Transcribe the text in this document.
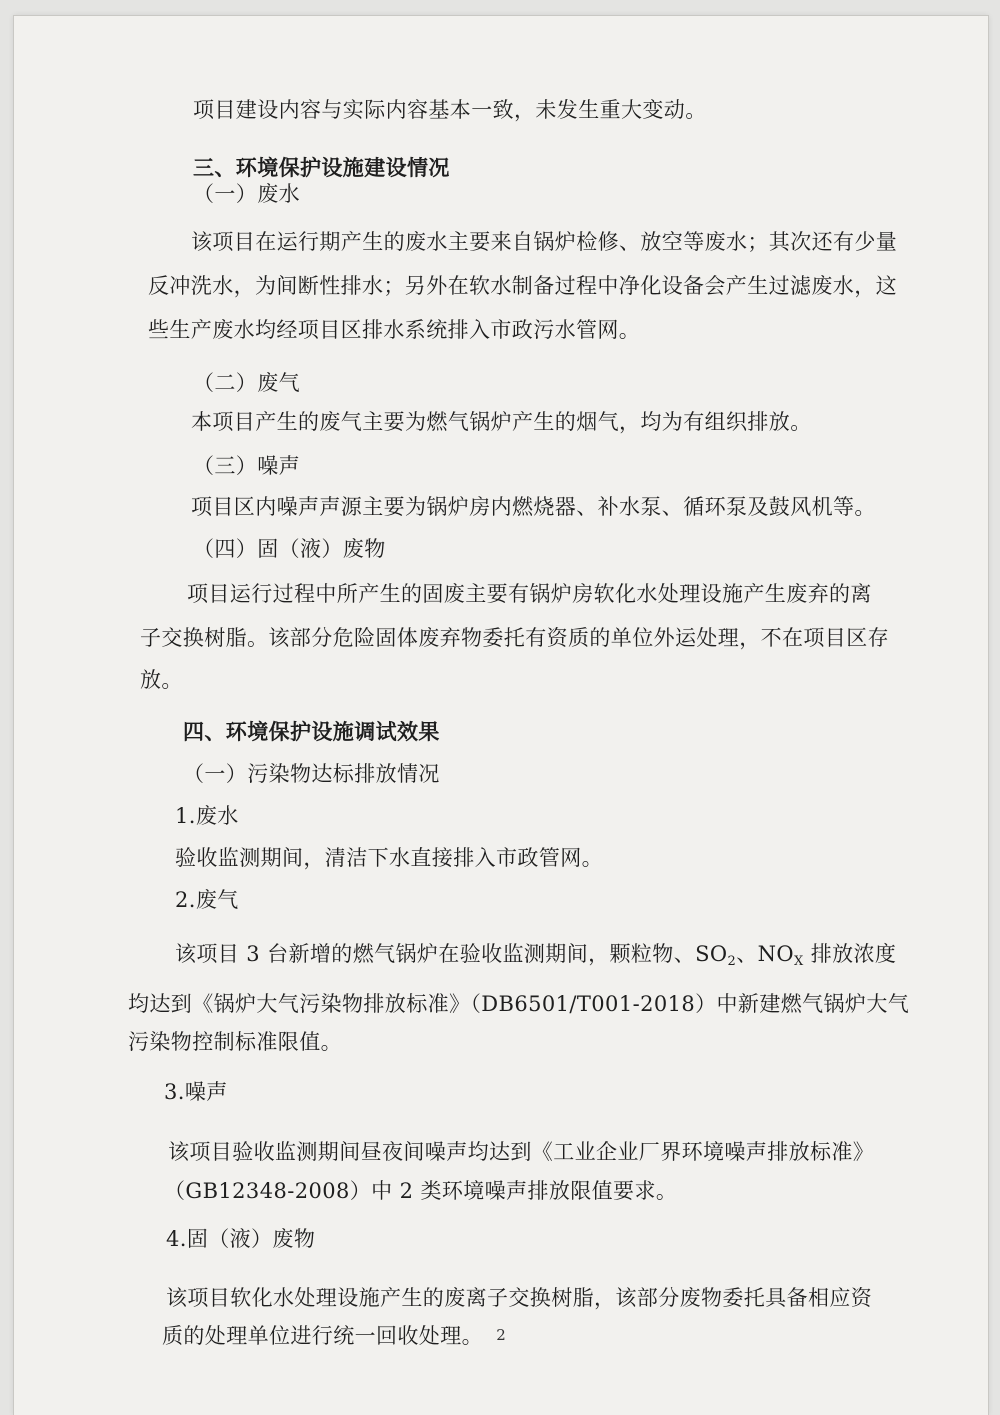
项目建设内容与实际内容基本一致，未发生重大变动。

三、环境保护设施建设情况

（一）废水

该项目在运行期产生的废水主要来自锅炉检修、放空等废水；其次还有少量

反冲洗水，为间断性排水；另外在软水制备过程中净化设备会产生过滤废水，这

些生产废水均经项目区排水系统排入市政污水管网。

（二）废气

本项目产生的废气主要为燃气锅炉产生的烟气，均为有组织排放。

（三）噪声

项目区内噪声声源主要为锅炉房内燃烧器、补水泵、循环泵及鼓风机等。

（四）固（液）废物

项目运行过程中所产生的固废主要有锅炉房软化水处理设施产生废弃的离

子交换树脂。该部分危险固体废弃物委托有资质的单位外运处理，不在项目区存

放。

四、环境保护设施调试效果

（一）污染物达标排放情况

1.废水

验收监测期间，清洁下水直接排入市政管网。

2.废气

该项目 3 台新增的燃气锅炉在验收监测期间，颗粒物、$SO_2$、$NO_X$ 排放浓度

均达到《锅炉大气污染物排放标准》（DB6501/T001-2018）中新建燃气锅炉大气

污染物控制标准限值。

3.噪声

该项目验收监测期间昼夜间噪声均达到《工业企业厂界环境噪声排放标准》

（GB12348-2008）中 2 类环境噪声排放限值要求。

4.固（液）废物

该项目软化水处理设施产生的废离子交换树脂，该部分废物委托具备相应资

质的处理单位进行统一回收处理。 2
